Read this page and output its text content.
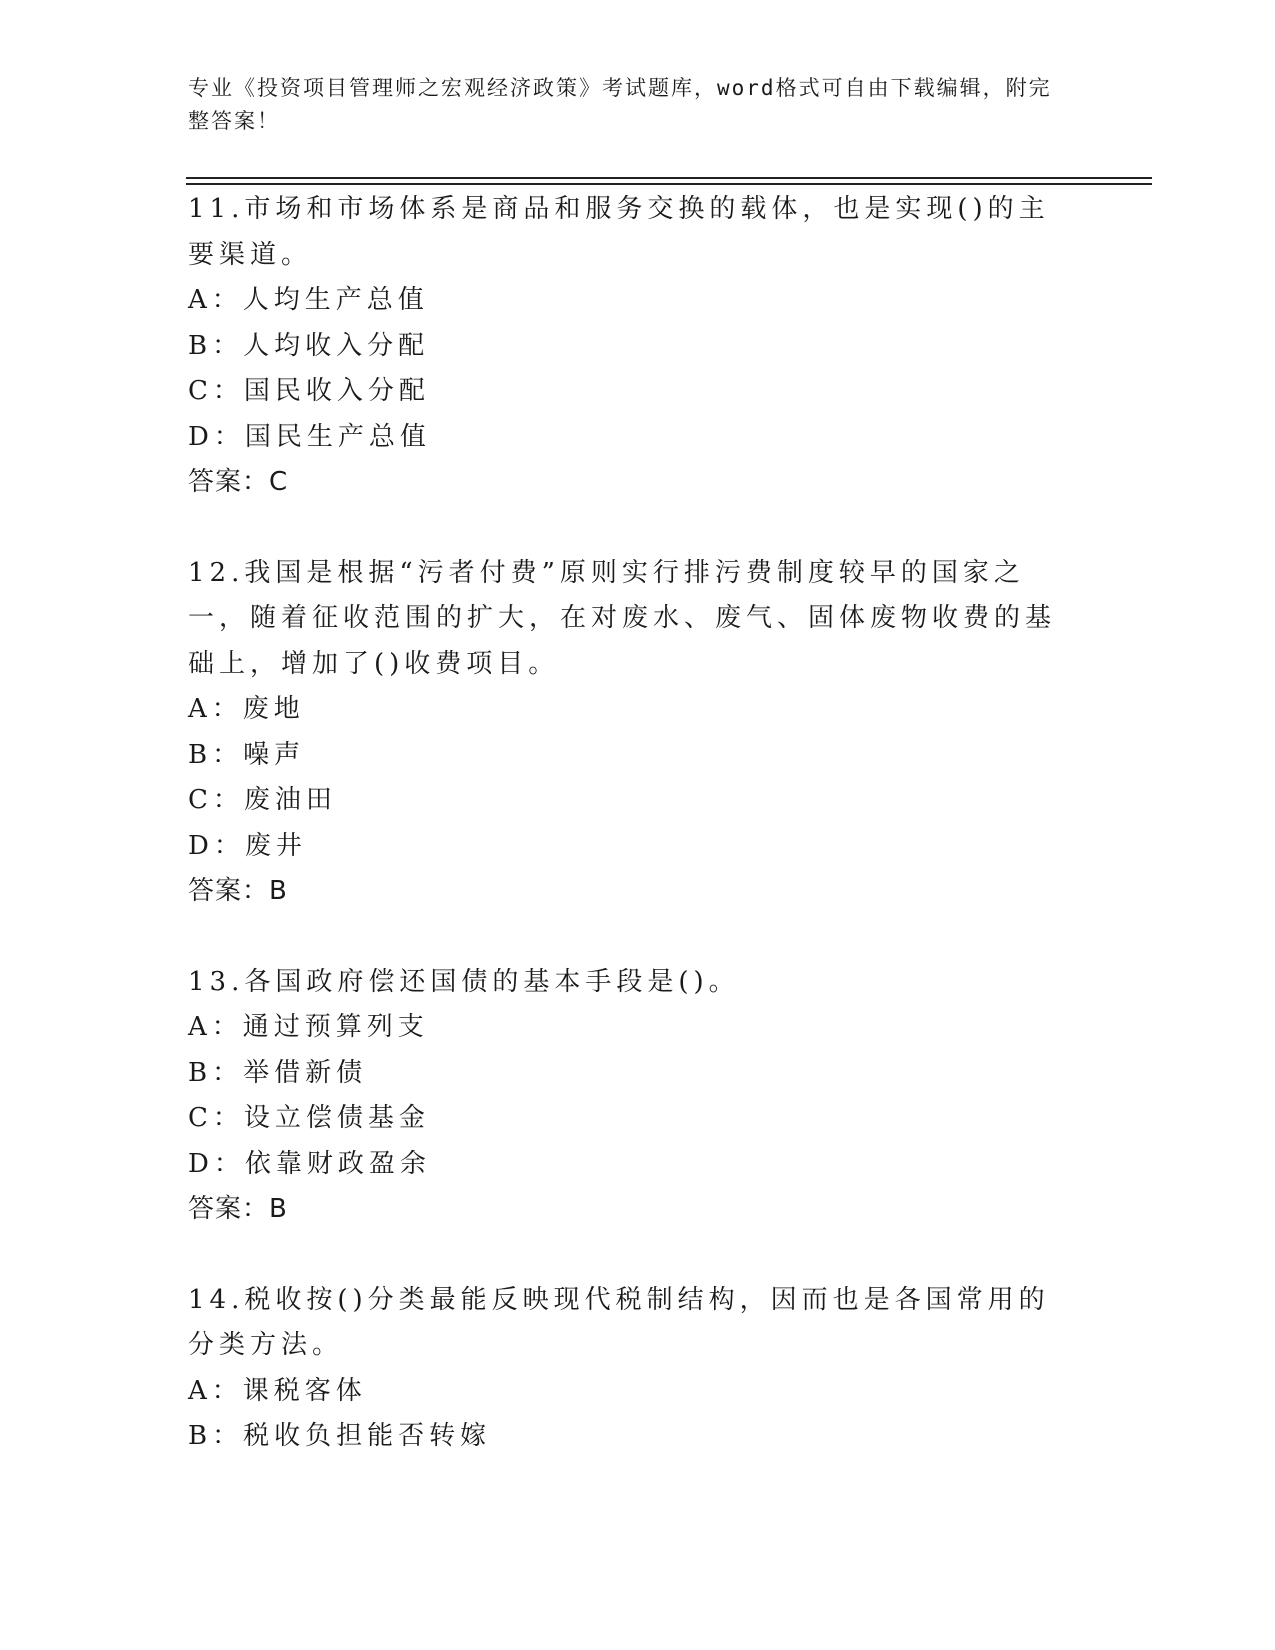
专业《投资项目管理师之宏观经济政策》考试题库，word格式可自由下载编辑，附完整答案！

11.市场和市场体系是商品和服务交换的载体，也是实现()的主要渠道。

A：人均生产总值

B：人均收入分配

C：国民收入分配

D：国民生产总值

答案：C

12.我国是根据“污者付费”原则实行排污费制度较早的国家之一，随着征收范围的扩大，在对废水、废气、固体废物收费的基础上，增加了()收费项目。

A：废地

B：噪声

C：废油田

D：废井

答案：B

13.各国政府偿还国债的基本手段是()。

A：通过预算列支

B：举借新债

C：设立偿债基金

D：依靠财政盈余

答案：B

14.税收按()分类最能反映现代税制结构，因而也是各国常用的分类方法。

A：课税客体

B：税收负担能否转嫁
